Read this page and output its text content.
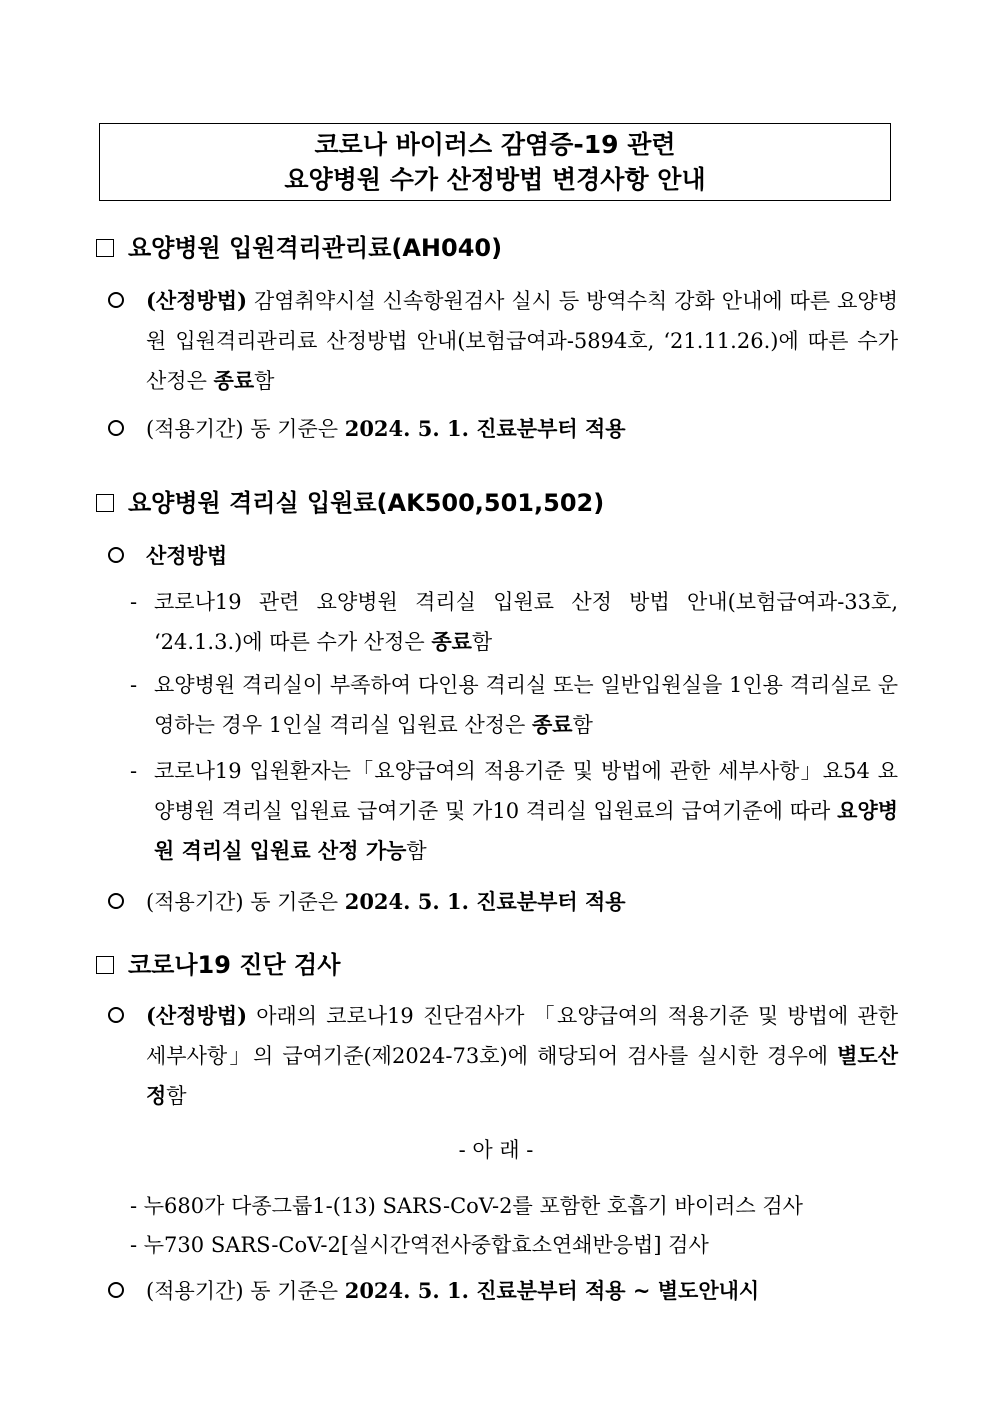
코로나 바이러스 감염증-19 관련
요양병원 수가 산정방법 변경사항 안내
요양병원 입원격리관리료(AH040)
(산정방법) 감염취약시설 신속항원검사 실시 등 방역수칙 강화 안내에 따른 요양병원 입원격리관리료 산정방법 안내(보험급여과-5894호, ‘21.11.26.)에 따른 수가 산정은 종료함
(적용기간) 동 기준은 2024. 5. 1. 진료분부터 적용
요양병원 격리실 입원료(AK500,501,502)
산정방법
- 코로나19 관련 요양병원 격리실 입원료 산정 방법 안내(보험급여과-33호, ‘24.1.3.)에 따른 수가 산정은 종료함
- 요양병원 격리실이 부족하여 다인용 격리실 또는 일반입원실을 1인용 격리실로 운영하는 경우 1인실 격리실 입원료 산정은 종료함
- 코로나19 입원환자는「요양급여의 적용기준 및 방법에 관한 세부사항」요54 요양병원 격리실 입원료 급여기준 및 가10 격리실 입원료의 급여기준에 따라 요양병원 격리실 입원료 산정 가능함
(적용기간) 동 기준은 2024. 5. 1. 진료분부터 적용
코로나19 진단 검사
(산정방법) 아래의 코로나19 진단검사가 「요양급여의 적용기준 및 방법에 관한 세부사항」의 급여기준(제2024-73호)에 해당되어 검사를 실시한 경우에 별도산정함
- 아 래 -
- 누680가 다종그룹1-(13) SARS-CoV-2를 포함한 호흡기 바이러스 검사
- 누730 SARS-CoV-2[실시간역전사중합효소연쇄반응법] 검사
(적용기간) 동 기준은 2024. 5. 1. 진료분부터 적용 ~ 별도안내시
